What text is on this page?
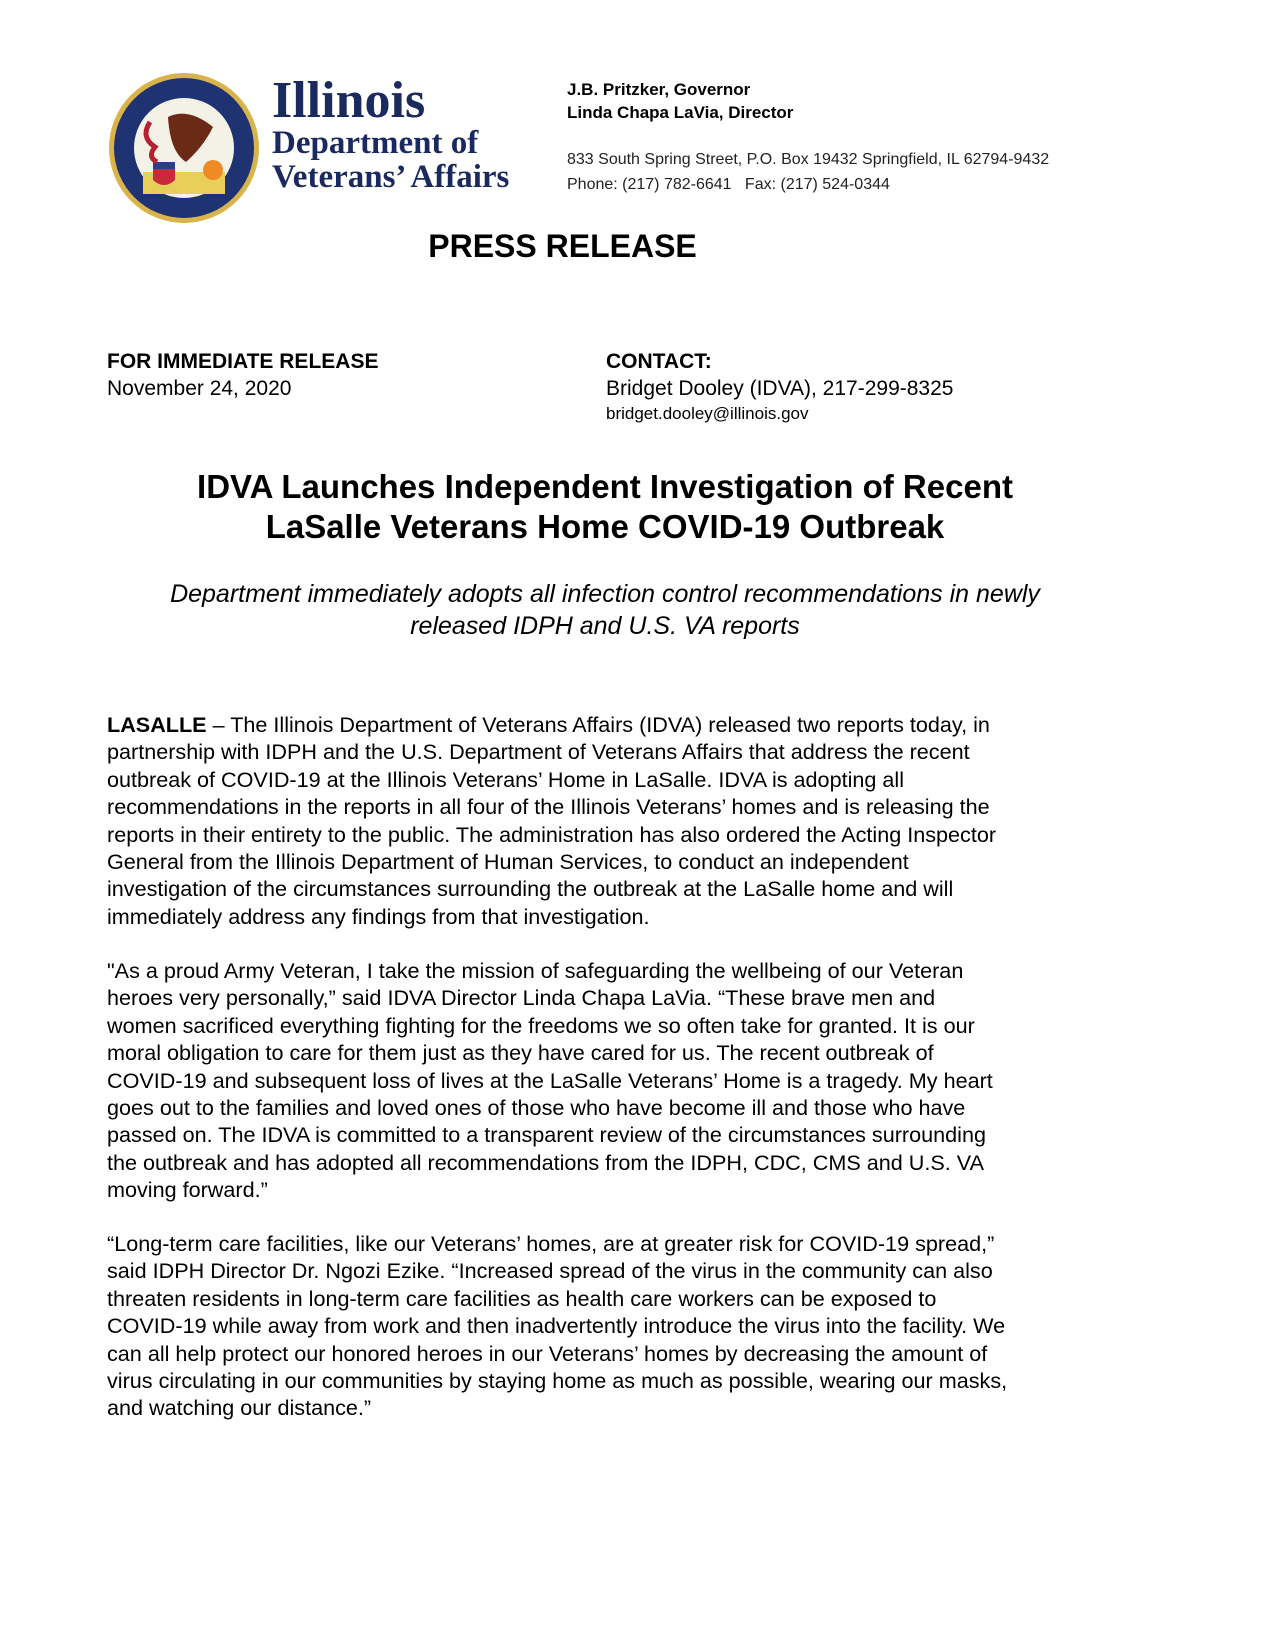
Illinois
Department of
Veterans’ Affairs
J.B. Pritzker, Governor
Linda Chapa LaVia, Director
833 South Spring Street, P.O. Box 19432 Springfield, IL 62794-9432
Phone: (217) 782-6641 Fax: (217) 524-0344
PRESS RELEASE
FOR IMMEDIATE RELEASE
November 24, 2020
CONTACT:
Bridget Dooley (IDVA), 217-299-8325
bridget.dooley@illinois.gov
IDVA Launches Independent Investigation of Recent
LaSalle Veterans Home COVID-19 Outbreak
Department immediately adopts all infection control recommendations in newly
released IDPH and U.S. VA reports
LASALLE – The Illinois Department of Veterans Affairs (IDVA) released two reports today, in
partnership with IDPH and the U.S. Department of Veterans Affairs that address the recent
outbreak of COVID-19 at the Illinois Veterans’ Home in LaSalle. IDVA is adopting all
recommendations in the reports in all four of the Illinois Veterans’ homes and is releasing the
reports in their entirety to the public. The administration has also ordered the Acting Inspector
General from the Illinois Department of Human Services, to conduct an independent
investigation of the circumstances surrounding the outbreak at the LaSalle home and will
immediately address any findings from that investigation.
"As a proud Army Veteran, I take the mission of safeguarding the wellbeing of our Veteran
heroes very personally,” said IDVA Director Linda Chapa LaVia. “These brave men and
women sacrificed everything fighting for the freedoms we so often take for granted. It is our
moral obligation to care for them just as they have cared for us. The recent outbreak of
COVID-19 and subsequent loss of lives at the LaSalle Veterans’ Home is a tragedy. My heart
goes out to the families and loved ones of those who have become ill and those who have
passed on. The IDVA is committed to a transparent review of the circumstances surrounding
the outbreak and has adopted all recommendations from the IDPH, CDC, CMS and U.S. VA
moving forward.”
“Long-term care facilities, like our Veterans’ homes, are at greater risk for COVID-19 spread,”
said IDPH Director Dr. Ngozi Ezike. “Increased spread of the virus in the community can also
threaten residents in long-term care facilities as health care workers can be exposed to
COVID-19 while away from work and then inadvertently introduce the virus into the facility. We
can all help protect our honored heroes in our Veterans’ homes by decreasing the amount of
virus circulating in our communities by staying home as much as possible, wearing our masks,
and watching our distance.”
